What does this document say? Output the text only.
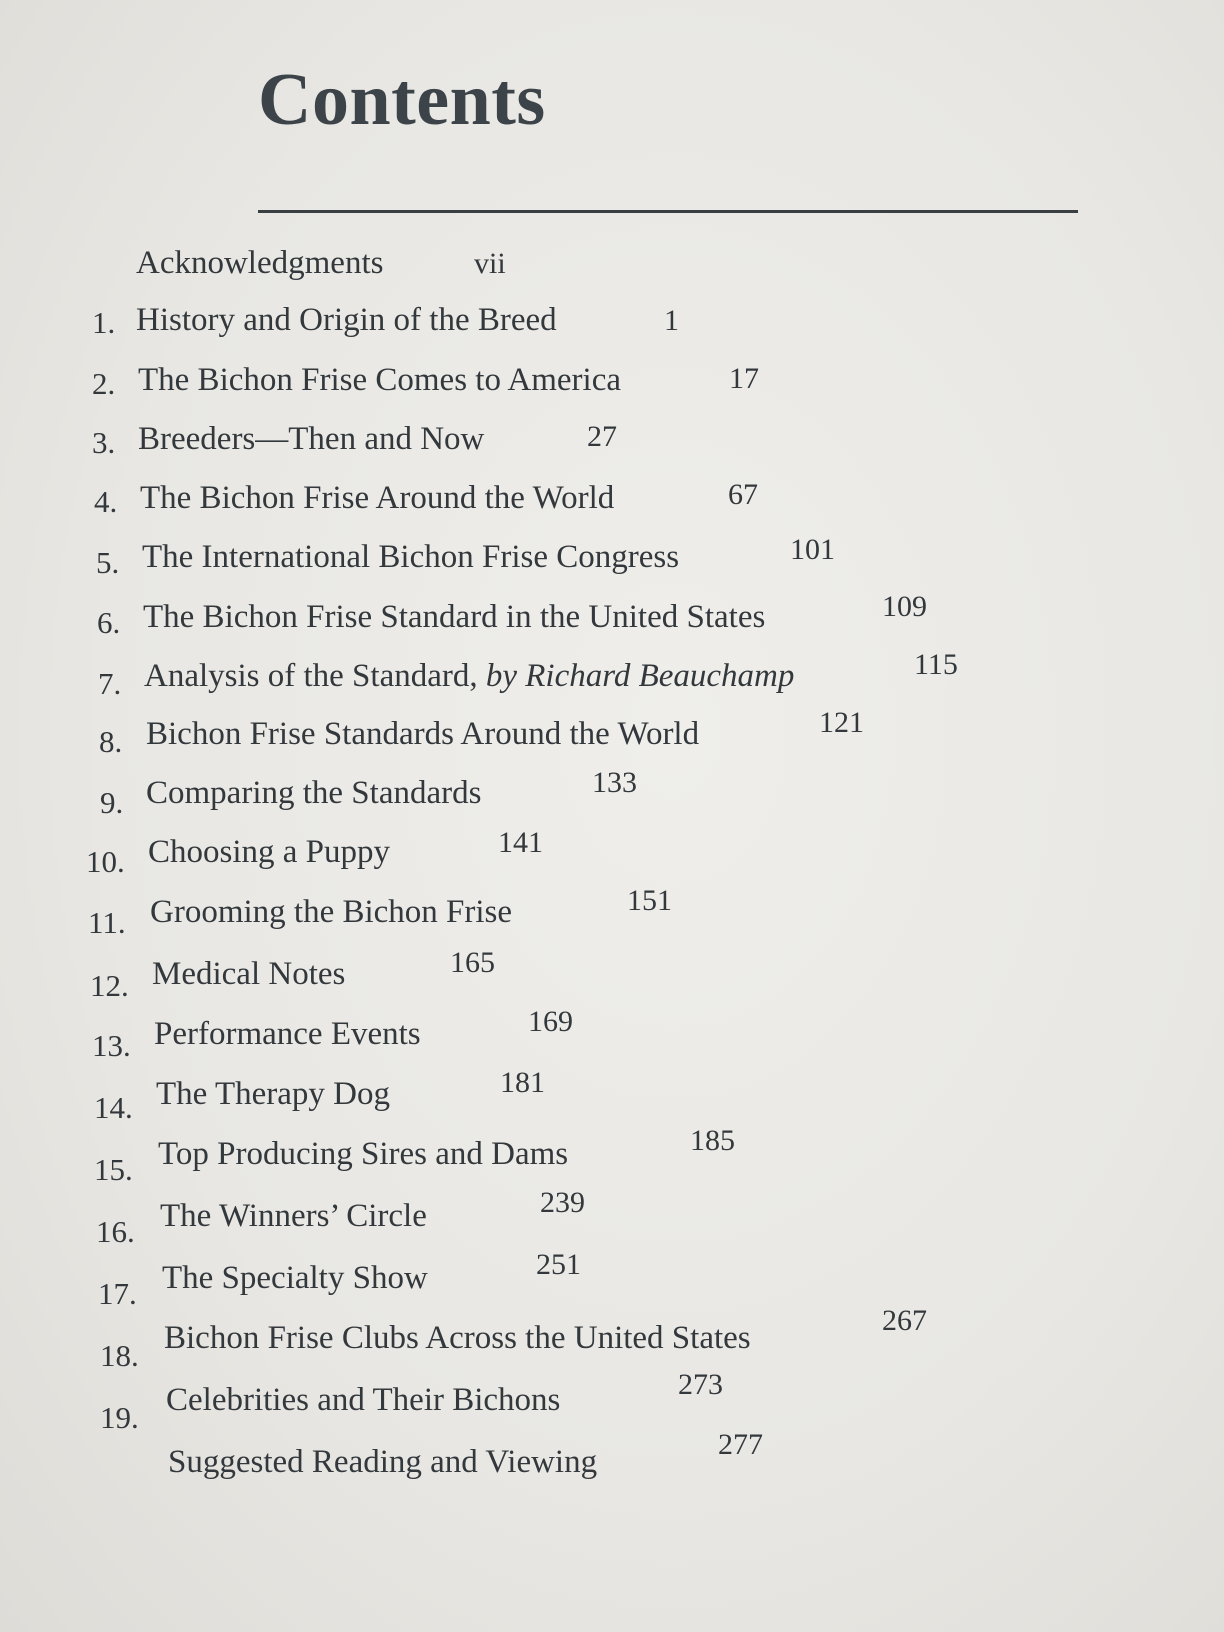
Contents
Acknowledgments	vii
1. History and Origin of the Breed	1
2. The Bichon Frise Comes to America	17
3. Breeders—Then and Now	27
4. The Bichon Frise Around the World	67
5. The International Bichon Frise Congress	101
6. The Bichon Frise Standard in the United States	109
7. Analysis of the Standard, by Richard Beauchamp	115
8. Bichon Frise Standards Around the World	121
9. Comparing the Standards	133
10. Choosing a Puppy	141
11. Grooming the Bichon Frise	151
12. Medical Notes	165
13. Performance Events	169
14. The Therapy Dog	181
15. Top Producing Sires and Dams	185
16. The Winners’ Circle	239
17. The Specialty Show	251
18. Bichon Frise Clubs Across the United States	267
19. Celebrities and Their Bichons	273
Suggested Reading and Viewing	277
